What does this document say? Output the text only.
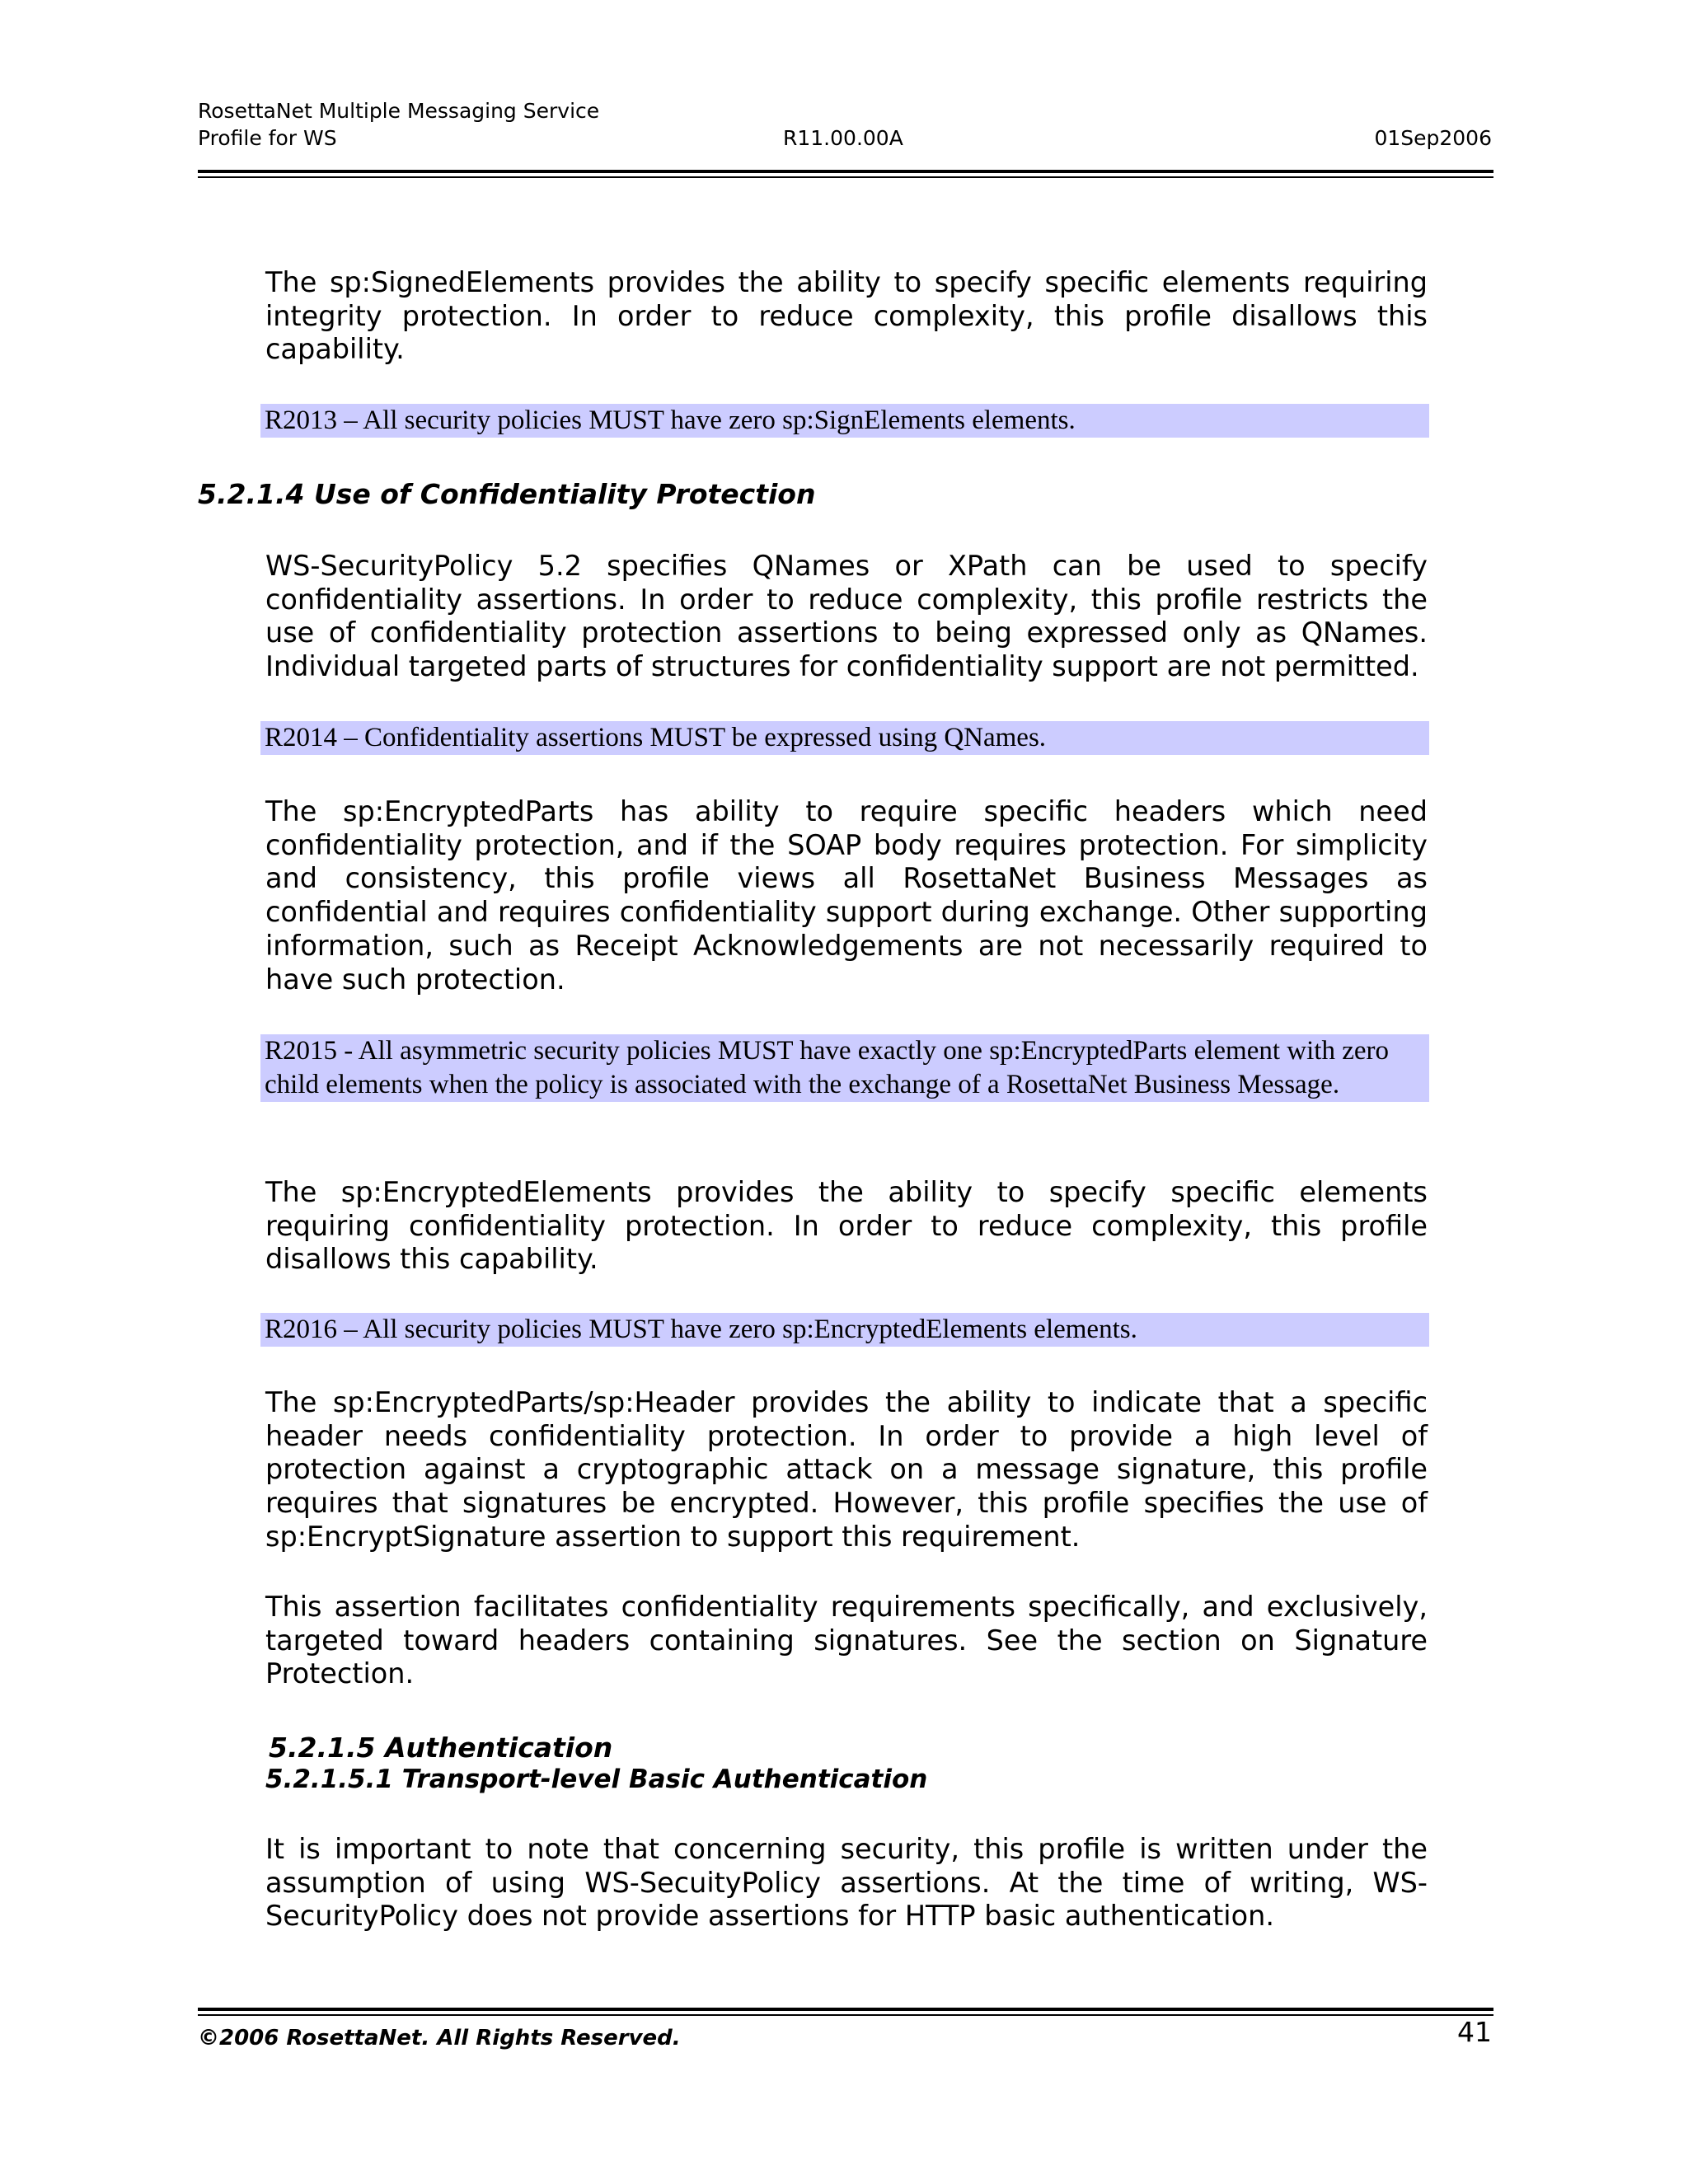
RosettaNet Multiple Messaging Service
Profile for WS	01Sep2006
R11.00.00A
The sp:SignedElements provides the ability to specify specific elements requiring integrity protection. In order to reduce complexity, this profile disallows this capability.
R2013 – All security policies MUST have zero sp:SignElements elements.
5.2.1.4 Use of Confidentiality Protection
WS-SecurityPolicy 5.2 specifies QNames or XPath can be used to specify confidentiality assertions. In order to reduce complexity, this profile restricts the use of confidentiality protection assertions to being expressed only as QNames. Individual targeted parts of structures for confidentiality support are not permitted.
R2014 – Confidentiality assertions MUST be expressed using QNames.
The sp:EncryptedParts has ability to require specific headers which need confidentiality protection, and if the SOAP body requires protection. For simplicity and consistency, this profile views all RosettaNet Business Messages as confidential and requires confidentiality support during exchange. Other supporting information, such as Receipt Acknowledgements are not necessarily required to have such protection.
R2015 - All asymmetric security policies MUST have exactly one sp:EncryptedParts element with zero child elements when the policy is associated with the exchange of a RosettaNet Business Message.
The sp:EncryptedElements provides the ability to specify specific elements requiring confidentiality protection. In order to reduce complexity, this profile disallows this capability.
R2016 – All security policies MUST have zero sp:EncryptedElements elements.
The sp:EncryptedParts/sp:Header provides the ability to indicate that a specific header needs confidentiality protection. In order to provide a high level of protection against a cryptographic attack on a message signature, this profile requires that signatures be encrypted. However, this profile specifies the use of sp:EncryptSignature assertion to support this requirement.
This assertion facilitates confidentiality requirements specifically, and exclusively, targeted toward headers containing signatures. See the section on Signature Protection.
5.2.1.5 Authentication
5.2.1.5.1 Transport-level Basic Authentication
It is important to note that concerning security, this profile is written under the assumption of using WS-SecuityPolicy assertions. At the time of writing, WS-SecurityPolicy does not provide assertions for HTTP basic authentication.
©2006 RosettaNet. All Rights Reserved.	41
